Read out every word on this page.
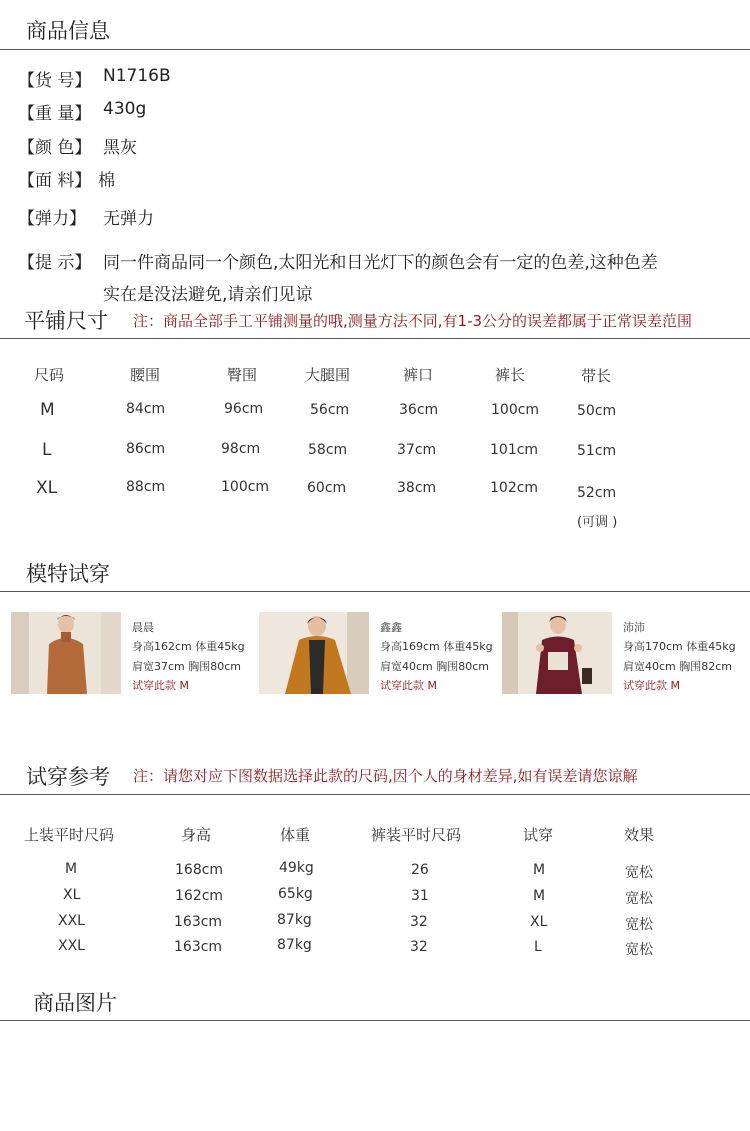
商品信息
【货 号】 N1716B
【重 量】 430g
【颜 色】 黑灰
【面 料】 棉
【弹力】 无弹力
【提 示】 同一件商品同一个颜色,太阳光和日光灯下的颜色会有一定的色差,这种色差
实在是没法避免,请亲们见谅
平铺尺寸 注：商品全部手工平铺测量的哦,测量方法不同,有1-3公分的误差都属于正常误差范围
尺码	腰围	臀围	大腿围	裤口	裤长	带长
M	84cm	96cm	56cm	36cm	100cm	50cm
L	86cm	98cm	58cm	37cm	101cm	51cm
XL	88cm	100cm	60cm	38cm	102cm	52cm
(可调 )
模特试穿
晨晨
身高162cm 体重45kg
肩宽37cm 胸围80cm
试穿此款 M
鑫鑫
身高169cm 体重45kg
肩宽40cm 胸围80cm
试穿此款 M
沛沛
身高170cm 体重45kg
肩宽40cm 胸围82cm
试穿此款 M
试穿参考 注：请您对应下图数据选择此款的尺码,因个人的身材差异,如有误差请您谅解
上装平时尺码	身高	体重	裤装平时尺码	试穿	效果
M	168cm	49kg	26	M	宽松
XL	162cm	65kg	31	M	宽松
XXL	163cm	87kg	32	XL	宽松
XXL	163cm	87kg	32	L	宽松
商品图片
